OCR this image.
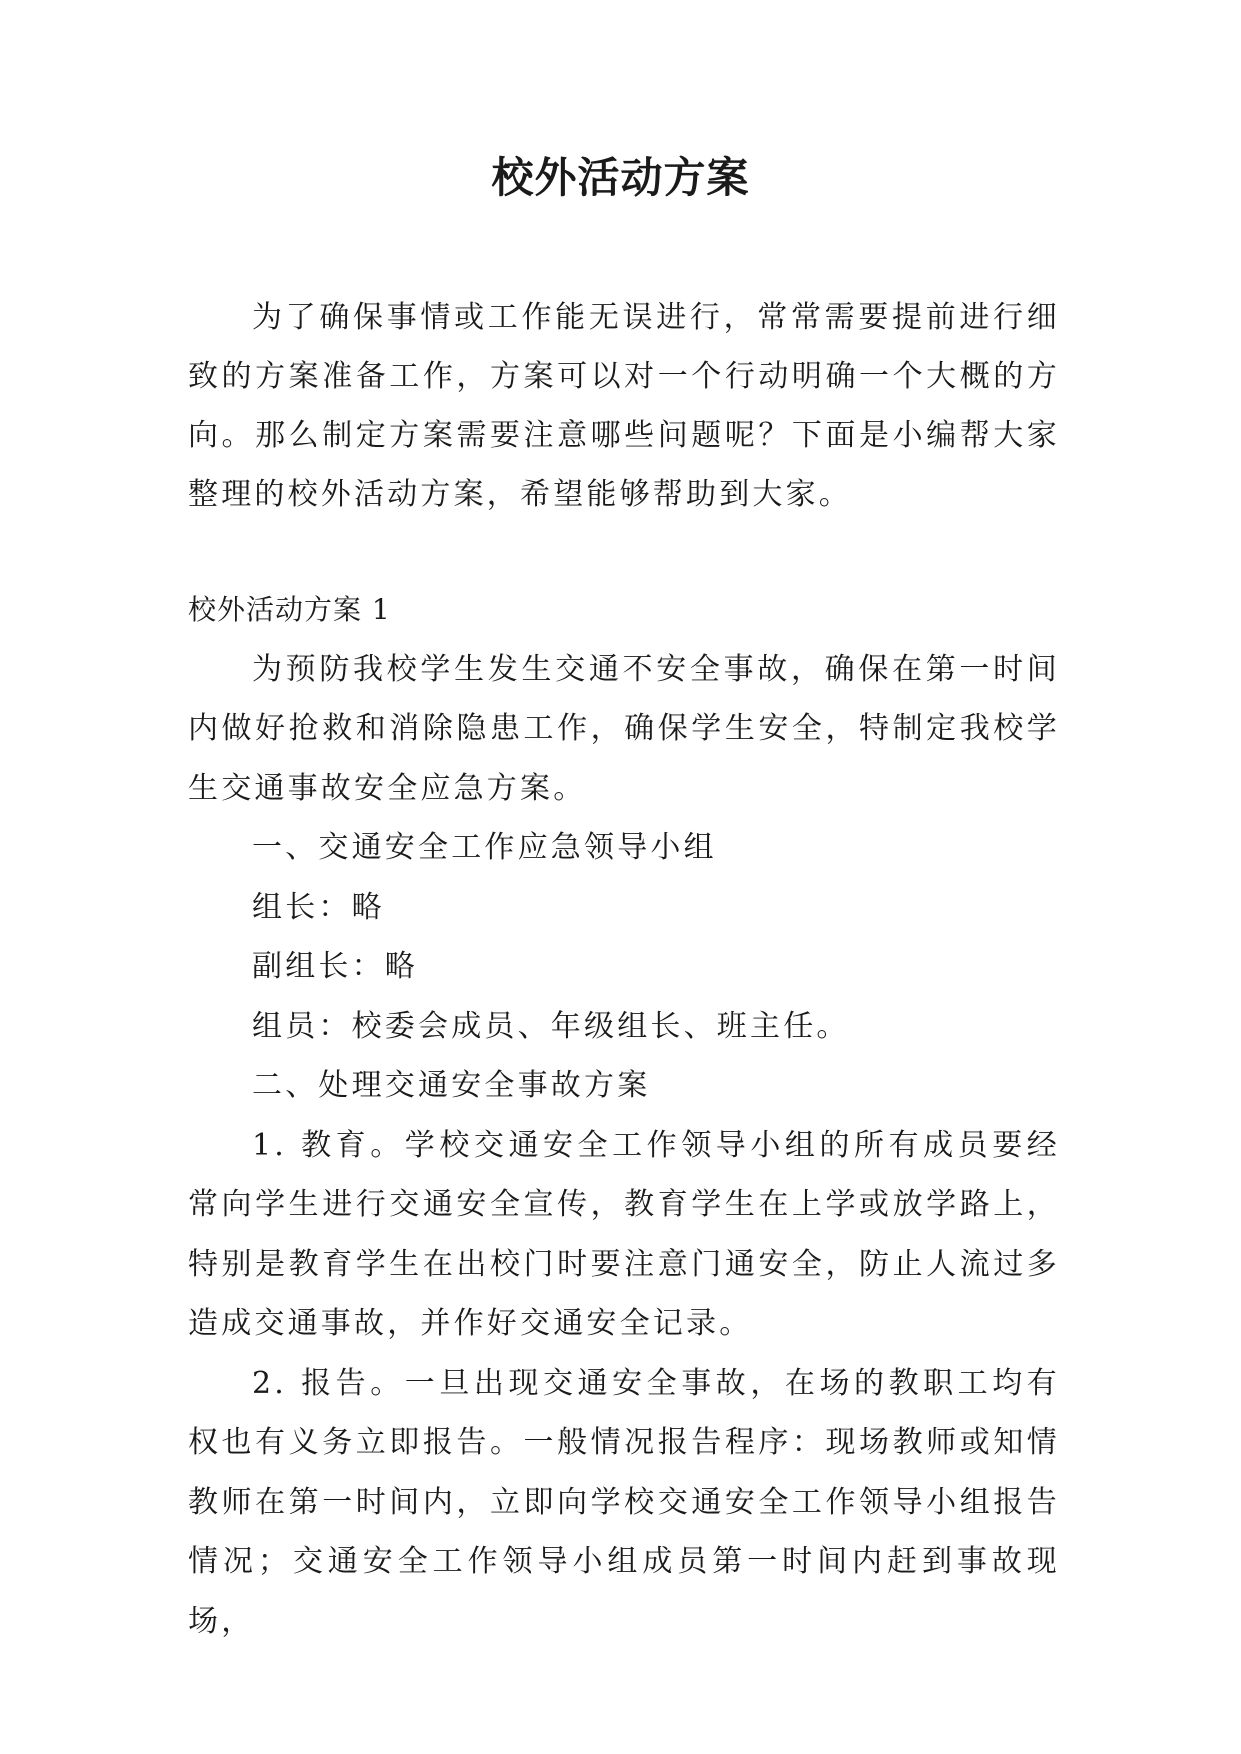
校外活动方案

为了确保事情或工作能无误进行，常常需要提前进行细致的方案准备工作，方案可以对一个行动明确一个大概的方向。那么制定方案需要注意哪些问题呢？下面是小编帮大家整理的校外活动方案，希望能够帮助到大家。

校外活动方案 1

为预防我校学生发生交通不安全事故，确保在第一时间内做好抢救和消除隐患工作，确保学生安全，特制定我校学生交通事故安全应急方案。

一、交通安全工作应急领导小组

组长：略

副组长：略

组员：校委会成员、年级组长、班主任。

二、处理交通安全事故方案

1. 教育。学校交通安全工作领导小组的所有成员要经常向学生进行交通安全宣传，教育学生在上学或放学路上，特别是教育学生在出校门时要注意门通安全，防止人流过多造成交通事故，并作好交通安全记录。

2. 报告。一旦出现交通安全事故，在场的教职工均有权也有义务立即报告。一般情况报告程序：现场教师或知情教师在第一时间内，立即向学校交通安全工作领导小组报告情况；交通安全工作领导小组成员第一时间内赶到事故现场，
